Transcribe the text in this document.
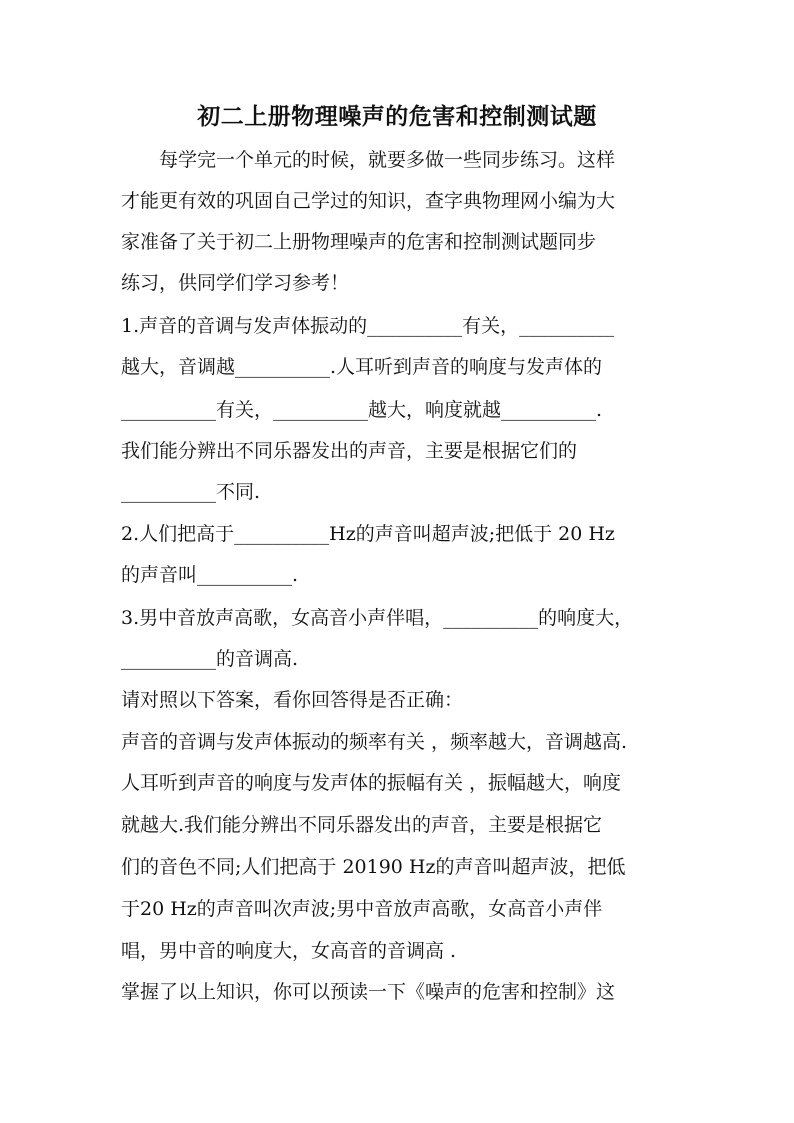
初二上册物理噪声的危害和控制测试题
每学完一个单元的时候，就要多做一些同步练习。这样
才能更有效的巩固自己学过的知识，查字典物理网小编为大
家准备了关于初二上册物理噪声的危害和控制测试题同步
练习，供同学们学习参考！
1.声音的音调与发声体振动的__________有关，__________
越大，音调越__________.人耳听到声音的响度与发声体的
__________有关，__________越大，响度就越__________.
我们能分辨出不同乐器发出的声音，主要是根据它们的
__________不同.
2.人们把高于__________Hz的声音叫超声波;把低于 20 Hz
的声音叫__________.
3.男中音放声高歌，女高音小声伴唱，__________的响度大，
__________的音调高.
请对照以下答案，看你回答得是否正确：
声音的音调与发声体振动的频率有关 ，频率越大，音调越高.
人耳听到声音的响度与发声体的振幅有关 ，振幅越大，响度
就越大.我们能分辨出不同乐器发出的声音，主要是根据它
们的音色不同;人们把高于 20190 Hz的声音叫超声波，把低
于20 Hz的声音叫次声波;男中音放声高歌，女高音小声伴
唱，男中音的响度大，女高音的音调高 .
掌握了以上知识，你可以预读一下《噪声的危害和控制》这
